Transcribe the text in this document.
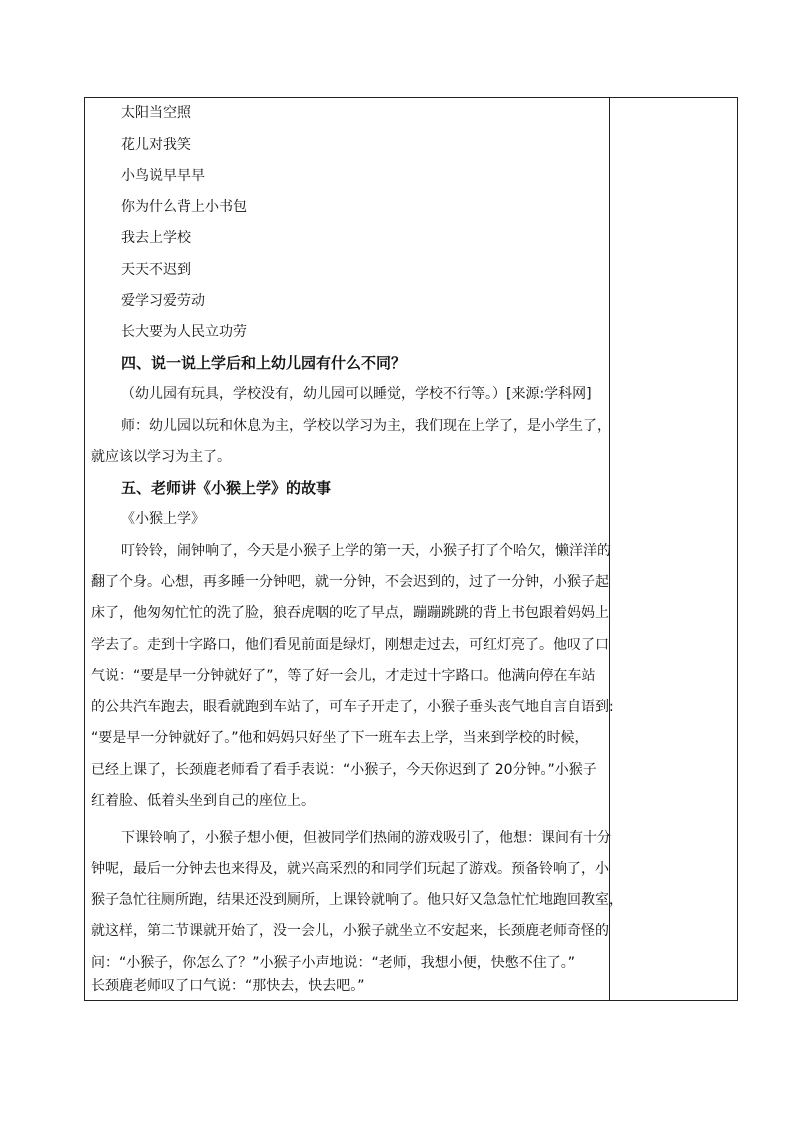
太阳当空照
花儿对我笑
小鸟说早早早
你为什么背上小书包
我去上学校
天天不迟到
爱学习爱劳动
长大要为人民立功劳
四、说一说上学后和上幼儿园有什么不同？
（幼儿园有玩具，学校没有，幼儿园可以睡觉，学校不行等。）[来源:学科网]
师：幼儿园以玩和休息为主，学校以学习为主，我们现在上学了，是小学生了，
就应该以学习为主了。
五、老师讲《小猴上学》的故事
《小猴上学》
叮铃铃，闹钟响了，今天是小猴子上学的第一天，小猴子打了个哈欠，懒洋洋的
翻了个身。心想，再多睡一分钟吧，就一分钟，不会迟到的，过了一分钟，小猴子起
床了，他匆匆忙忙的洗了脸，狼吞虎咽的吃了早点，蹦蹦跳跳的背上书包跟着妈妈上
学去了。走到十字路口，他们看见前面是绿灯，刚想走过去，可红灯亮了。他叹了口
气说：“要是早一分钟就好了”，等了好一会儿，才走过十字路口。他满向停在车站
的公共汽车跑去，眼看就跑到车站了，可车子开走了，小猴子垂头丧气地自言自语到:
“要是早一分钟就好了。”他和妈妈只好坐了下一班车去上学，当来到学校的时候，
已经上课了，长颈鹿老师看了看手表说：“小猴子，今天你迟到了 20分钟。”小猴子
红着脸、低着头坐到自己的座位上。
下课铃响了，小猴子想小便，但被同学们热闹的游戏吸引了，他想：课间有十分
钟呢，最后一分钟去也来得及，就兴高采烈的和同学们玩起了游戏。预备铃响了，小
猴子急忙往厕所跑，结果还没到厕所，上课铃就响了。他只好又急急忙忙地跑回教室，
就这样，第二节课就开始了，没一会儿，小猴子就坐立不安起来，长颈鹿老师奇怪的
问：“小猴子，你怎么了？”小猴子小声地说：“老师，我想小便，快憋不住了。”
长颈鹿老师叹了口气说：“那快去，快去吧。”
